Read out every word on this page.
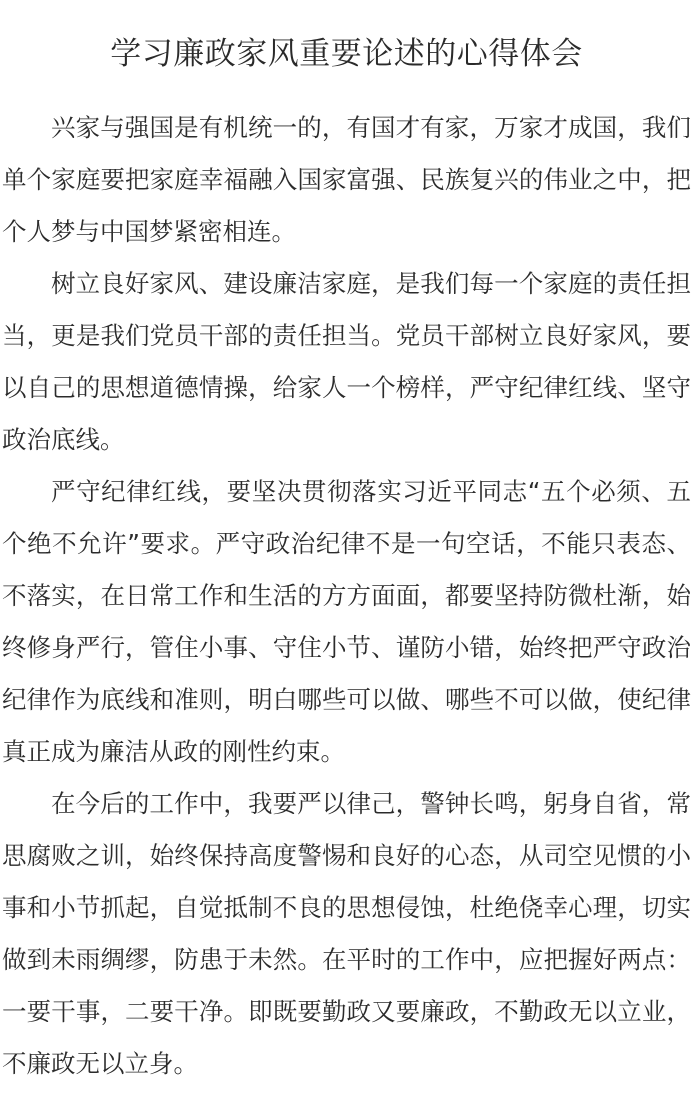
学习廉政家风重要论述的心得体会

兴家与强国是有机统一的，有国才有家，万家才成国，我们单个家庭要把家庭幸福融入国家富强、民族复兴的伟业之中，把个人梦与中国梦紧密相连。

树立良好家风、建设廉洁家庭，是我们每一个家庭的责任担当，更是我们党员干部的责任担当。党员干部树立良好家风，要以自己的思想道德情操，给家人一个榜样，严守纪律红线、坚守政治底线。

严守纪律红线，要坚决贯彻落实习近平同志“五个必须、五个绝不允许”要求。严守政治纪律不是一句空话，不能只表态、不落实，在日常工作和生活的方方面面，都要坚持防微杜渐，始终修身严行，管住小事、守住小节、谨防小错，始终把严守政治纪律作为底线和准则，明白哪些可以做、哪些不可以做，使纪律真正成为廉洁从政的刚性约束。

在今后的工作中，我要严以律己，警钟长鸣，躬身自省，常思腐败之训，始终保持高度警惕和良好的心态，从司空见惯的小事和小节抓起，自觉抵制不良的思想侵蚀，杜绝侥幸心理，切实做到未雨绸缪，防患于未然。在平时的工作中，应把握好两点：一要干事，二要干净。即既要勤政又要廉政，不勤政无以立业，不廉政无以立身。
